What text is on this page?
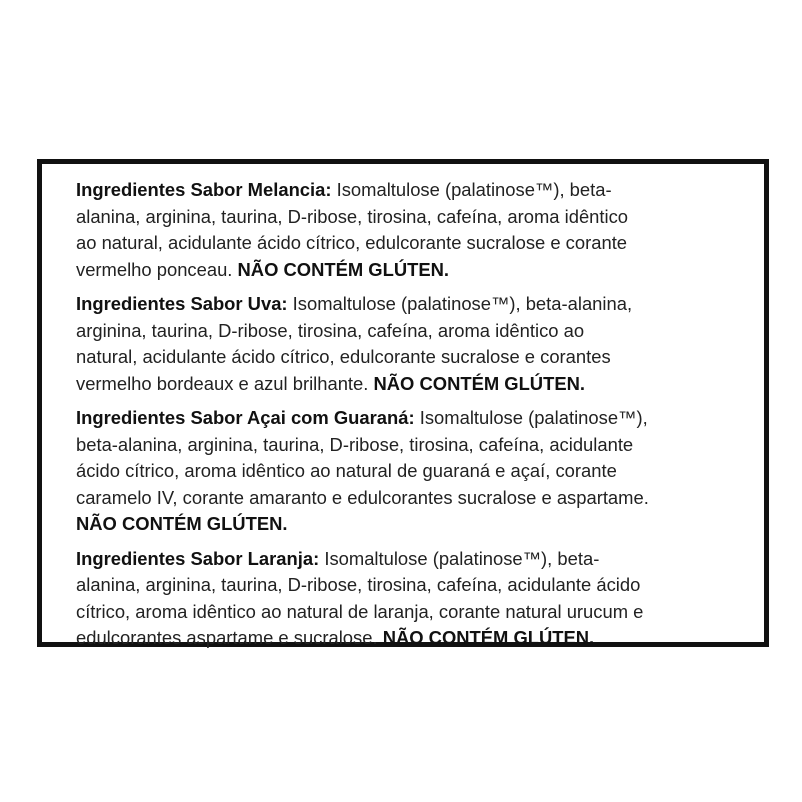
Ingredientes Sabor Melancia: Isomaltulose (palatinose™), beta-
alanina, arginina, taurina, D-ribose, tirosina, cafeína, aroma idêntico
ao natural, acidulante ácido cítrico, edulcorante sucralose e corante
vermelho ponceau. NÃO CONTÉM GLÚTEN.

Ingredientes Sabor Uva: Isomaltulose (palatinose™), beta-alanina,
arginina, taurina, D-ribose, tirosina, cafeína, aroma idêntico ao
natural, acidulante ácido cítrico, edulcorante sucralose e corantes
vermelho bordeaux e azul brilhante. NÃO CONTÉM GLÚTEN.

Ingredientes Sabor Açai com Guaraná: Isomaltulose (palatinose™),
beta-alanina, arginina, taurina, D-ribose, tirosina, cafeína, acidulante
ácido cítrico, aroma idêntico ao natural de guaraná e açaí, corante
caramelo IV, corante amaranto e edulcorantes sucralose e aspartame.
NÃO CONTÉM GLÚTEN.

Ingredientes Sabor Laranja: Isomaltulose (palatinose™), beta-
alanina, arginina, taurina, D-ribose, tirosina, cafeína, acidulante ácido
cítrico, aroma idêntico ao natural de laranja, corante natural urucum e
edulcorantes aspartame e sucralose. NÃO CONTÉM GLÚTEN.
